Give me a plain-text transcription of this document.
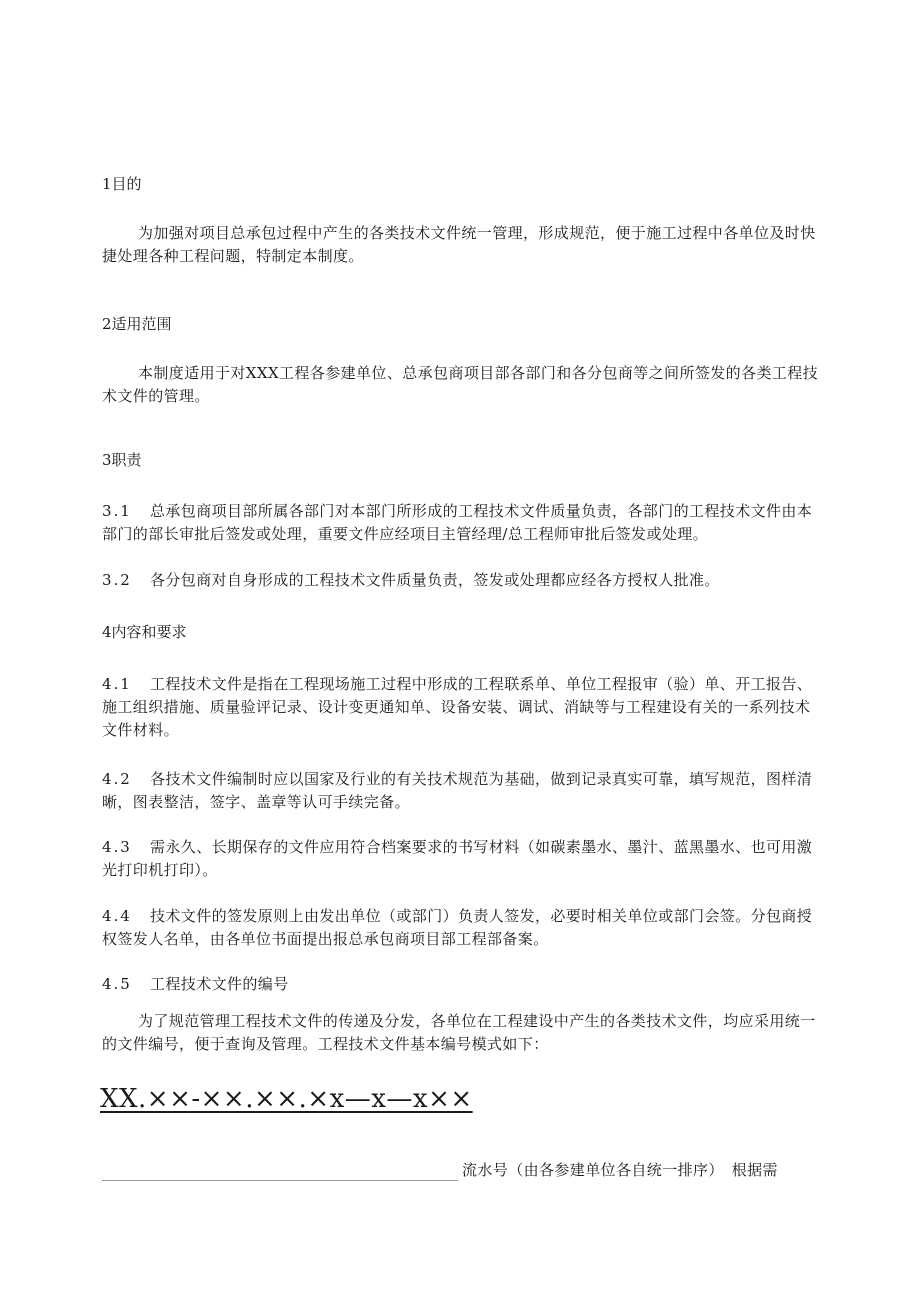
1目的
为加强对项目总承包过程中产生的各类技术文件统一管理，形成规范，便于施工过程中各单位及时快捷处理各种工程问题，特制定本制度。
2适用范围
本制度适用于对XXX工程各参建单位、总承包商项目部各部门和各分包商等之间所签发的各类工程技术文件的管理。
3职责
3.1 总承包商项目部所属各部门对本部门所形成的工程技术文件质量负责，各部门的工程技术文件由本部门的部长审批后签发或处理，重要文件应经项目主管经理/总工程师审批后签发或处理。
3.2 各分包商对自身形成的工程技术文件质量负责，签发或处理都应经各方授权人批准。
4内容和要求
4.1 工程技术文件是指在工程现场施工过程中形成的工程联系单、单位工程报审（验）单、开工报告、施工组织措施、质量验评记录、设计变更通知单、设备安装、调试、消缺等与工程建设有关的一系列技术文件材料。
4.2 各技术文件编制时应以国家及行业的有关技术规范为基础，做到记录真实可靠，填写规范，图样清晰，图表整洁，签字、盖章等认可手续完备。
4.3 需永久、长期保存的文件应用符合档案要求的书写材料（如碳素墨水、墨汁、蓝黑墨水、也可用激光打印机打印）。
4.4 技术文件的签发原则上由发出单位（或部门）负责人签发，必要时相关单位或部门会签。分包商授权签发人名单，由各单位书面提出报总承包商项目部工程部备案。
4.5 工程技术文件的编号
为了规范管理工程技术文件的传递及分发，各单位在工程建设中产生的各类技术文件，均应采用统一的文件编号，便于查询及管理。工程技术文件基本编号模式如下：
XX.××-××.××.×x—x—x××
流水号（由各参建单位各自统一排序）　根据需
